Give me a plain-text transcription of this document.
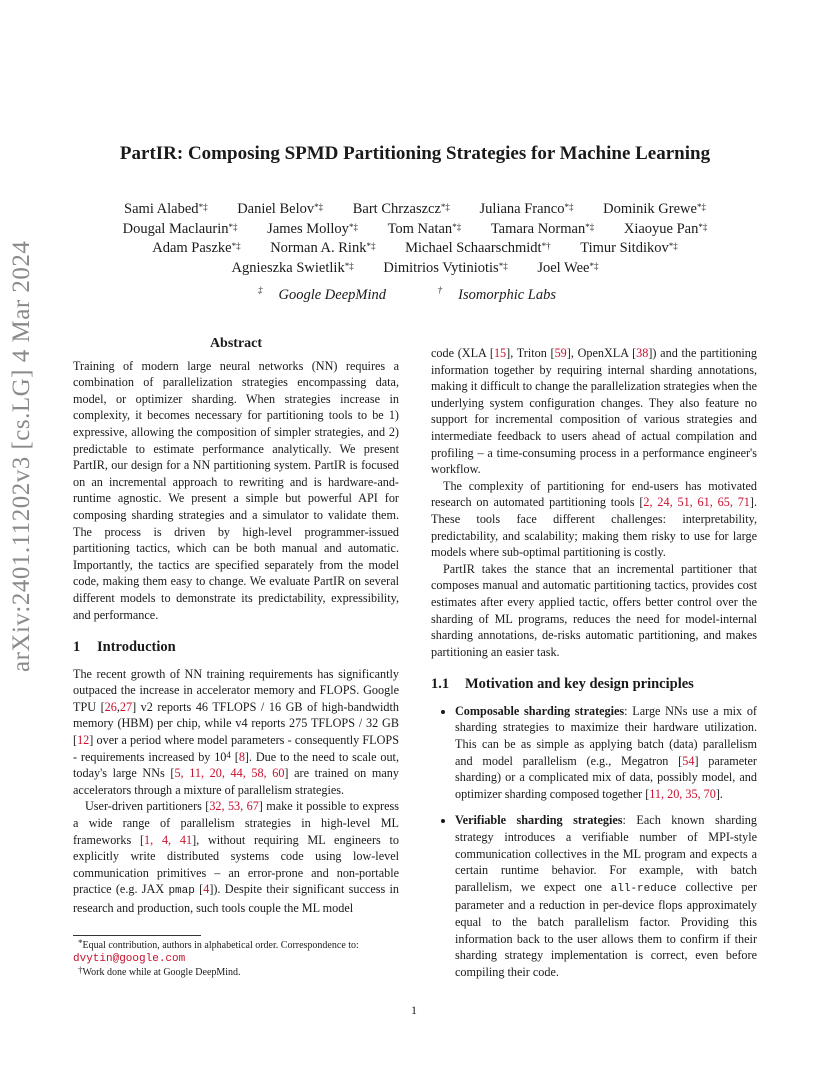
arXiv:2401.11202v3 [cs.LG] 4 Mar 2024
PartIR: Composing SPMD Partitioning Strategies for Machine Learning
Sami Alabed*‡ Daniel Belov*‡ Bart Chrzaszcz*‡ Juliana Franco*‡ Dominik Grewe*‡
Dougal Maclaurin*‡ James Molloy*‡ Tom Natan*‡ Tamara Norman*‡ Xiaoyue Pan*‡
Adam Paszke*‡ Norman A. Rink*‡ Michael Schaarschmidt*† Timur Sitdikov*‡
Agnieszka Swietlik*‡ Dimitrios Vytiniotis*‡ Joel Wee*‡
‡ Google DeepMind	† Isomorphic Labs
Abstract

Training of modern large neural networks (NN) requires a combination of parallelization strategies encompassing data, model, or optimizer sharding. When strategies increase in complexity, it becomes necessary for partitioning tools to be 1) expressive, allowing the composition of simpler strategies, and 2) predictable to estimate performance analytically. We present PartIR, our design for a NN partitioning system. PartIR is focused on an incremental approach to rewriting and is hardware-and-runtime agnostic. We present a simple but powerful API for composing sharding strategies and a simulator to validate them. The process is driven by high-level programmer-issued partitioning tactics, which can be both manual and automatic. Importantly, the tactics are specified separately from the model code, making them easy to change. We evaluate PartIR on several different models to demonstrate its predictability, expressibility, and performance.

1 Introduction

The recent growth of NN training requirements has significantly outpaced the increase in accelerator memory and FLOPS. Google TPU [26,27] v2 reports 46 TFLOPS / 16 GB of high-bandwidth memory (HBM) per chip, while v4 reports 275 TFLOPS / 32 GB [12] over a period where model parameters - consequently FLOPS - requirements increased by $10^4$ [8]. Due to the need to scale out, today's large NNs [5, 11, 20, 44, 58, 60] are trained on many accelerators through a mixture of parallelism strategies.

User-driven partitioners [32, 53, 67] make it possible to express a wide range of parallelism strategies in high-level ML frameworks [1, 4, 41], without requiring ML engineers to explicitly write distributed systems code using low-level communication primitives – an error-prone and non-portable practice (e.g. JAX pmap [4]). Despite their significant success in research and production, such tools couple the ML model

*Equal contribution, authors in alphabetical order. Correspondence to: dvytin@google.com
†Work done while at Google DeepMind.

code (XLA [15], Triton [59], OpenXLA [38]) and the partitioning information together by requiring internal sharding annotations, making it difficult to change the parallelization strategies when the underlying system configuration changes. They also feature no support for incremental composition of various strategies and intermediate feedback to users ahead of actual compilation and profiling – a time-consuming process in a performance engineer's workflow.

The complexity of partitioning for end-users has motivated research on automated partitioning tools [2, 24, 51, 61, 65, 71]. These tools face different challenges: interpretability, predictability, and scalability; making them risky to use for large models where sub-optimal partitioning is costly.

PartIR takes the stance that an incremental partitioner that composes manual and automatic partitioning tactics, provides cost estimates after every applied tactic, offers better control over the sharding of ML programs, reduces the need for model-internal sharding annotations, de-risks automatic partitioning, and makes partitioning an easier task.

1.1 Motivation and key design principles
• Composable sharding strategies: Large NNs use a mix of sharding strategies to maximize their hardware utilization. This can be as simple as applying batch (data) parallelism and model parallelism (e.g., Megatron [54] parameter sharding) or a complicated mix of data, possibly model, and optimizer sharding composed together [11, 20, 35, 70].
• Verifiable sharding strategies: Each known sharding strategy introduces a verifiable number of MPI-style communication collectives in the ML program and expects a certain runtime behavior. For example, with batch parallelism, we expect one all-reduce collective per parameter and a reduction in per-device flops approximately equal to the batch parallelism factor. Providing this information back to the user allows them to confirm if their sharding strategy implementation is correct, even before compiling their code.
1
